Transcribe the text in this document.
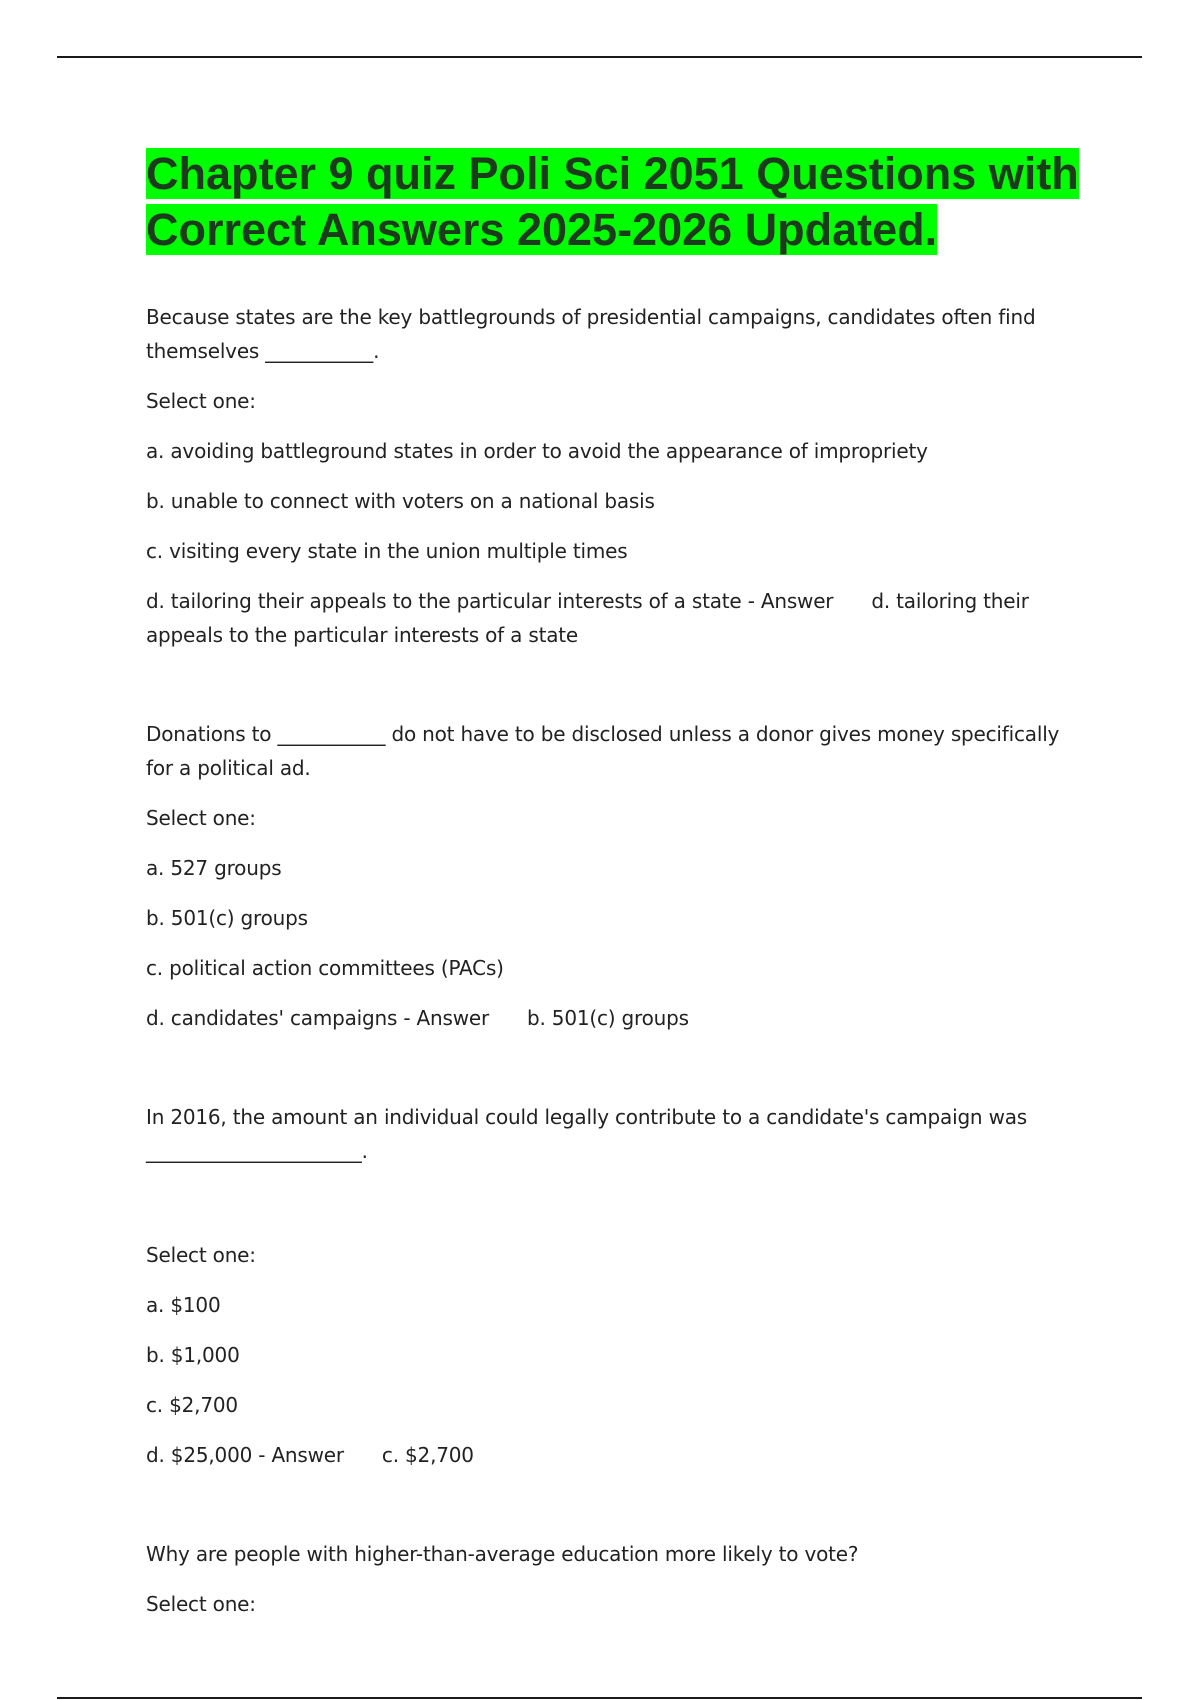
Chapter 9 quiz Poli Sci 2051 Questions with Correct Answers 2025-2026 Updated.

Because states are the key battlegrounds of presidential campaigns, candidates often find themselves ___________.

Select one:

a. avoiding battleground states in order to avoid the appearance of impropriety

b. unable to connect with voters on a national basis

c. visiting every state in the union multiple times

d. tailoring their appeals to the particular interests of a state - Answer d. tailoring their appeals to the particular interests of a state

Donations to ___________ do not have to be disclosed unless a donor gives money specifically for a political ad.

Select one:

a. 527 groups

b. 501(c) groups

c. political action committees (PACs)

d. candidates' campaigns - Answer b. 501(c) groups

In 2016, the amount an individual could legally contribute to a candidate's campaign was ______________________.

Select one:

a. $100

b. $1,000

c. $2,700

d. $25,000 - Answer c. $2,700

Why are people with higher-than-average education more likely to vote?

Select one:
